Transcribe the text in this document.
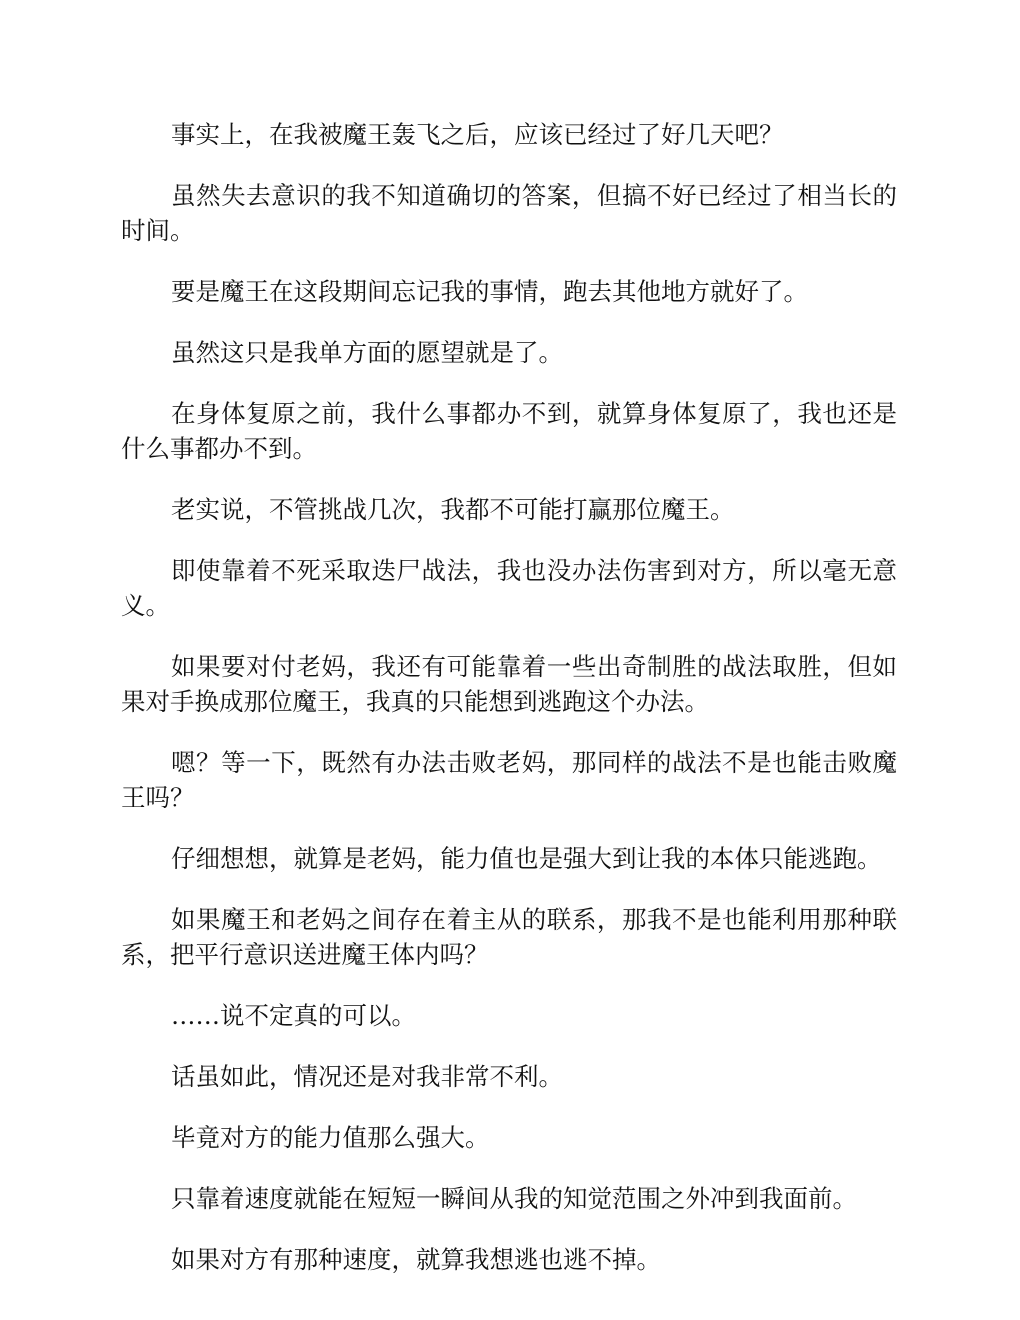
事实上，在我被魔王轰飞之后，应该已经过了好几天吧？

虽然失去意识的我不知道确切的答案，但搞不好已经过了相当长的时间。

要是魔王在这段期间忘记我的事情，跑去其他地方就好了。

虽然这只是我单方面的愿望就是了。

在身体复原之前，我什么事都办不到，就算身体复原了，我也还是什么事都办不到。

老实说，不管挑战几次，我都不可能打赢那位魔王。

即使靠着不死采取迭尸战法，我也没办法伤害到对方，所以毫无意义。

如果要对付老妈，我还有可能靠着一些出奇制胜的战法取胜，但如果对手换成那位魔王，我真的只能想到逃跑这个办法。

嗯？等一下，既然有办法击败老妈，那同样的战法不是也能击败魔王吗？

仔细想想，就算是老妈，能力值也是强大到让我的本体只能逃跑。

如果魔王和老妈之间存在着主从的联系，那我不是也能利用那种联系，把平行意识送进魔王体内吗？

……说不定真的可以。

话虽如此，情况还是对我非常不利。

毕竟对方的能力值那么强大。

只靠着速度就能在短短一瞬间从我的知觉范围之外冲到我面前。

如果对方有那种速度，就算我想逃也逃不掉。
